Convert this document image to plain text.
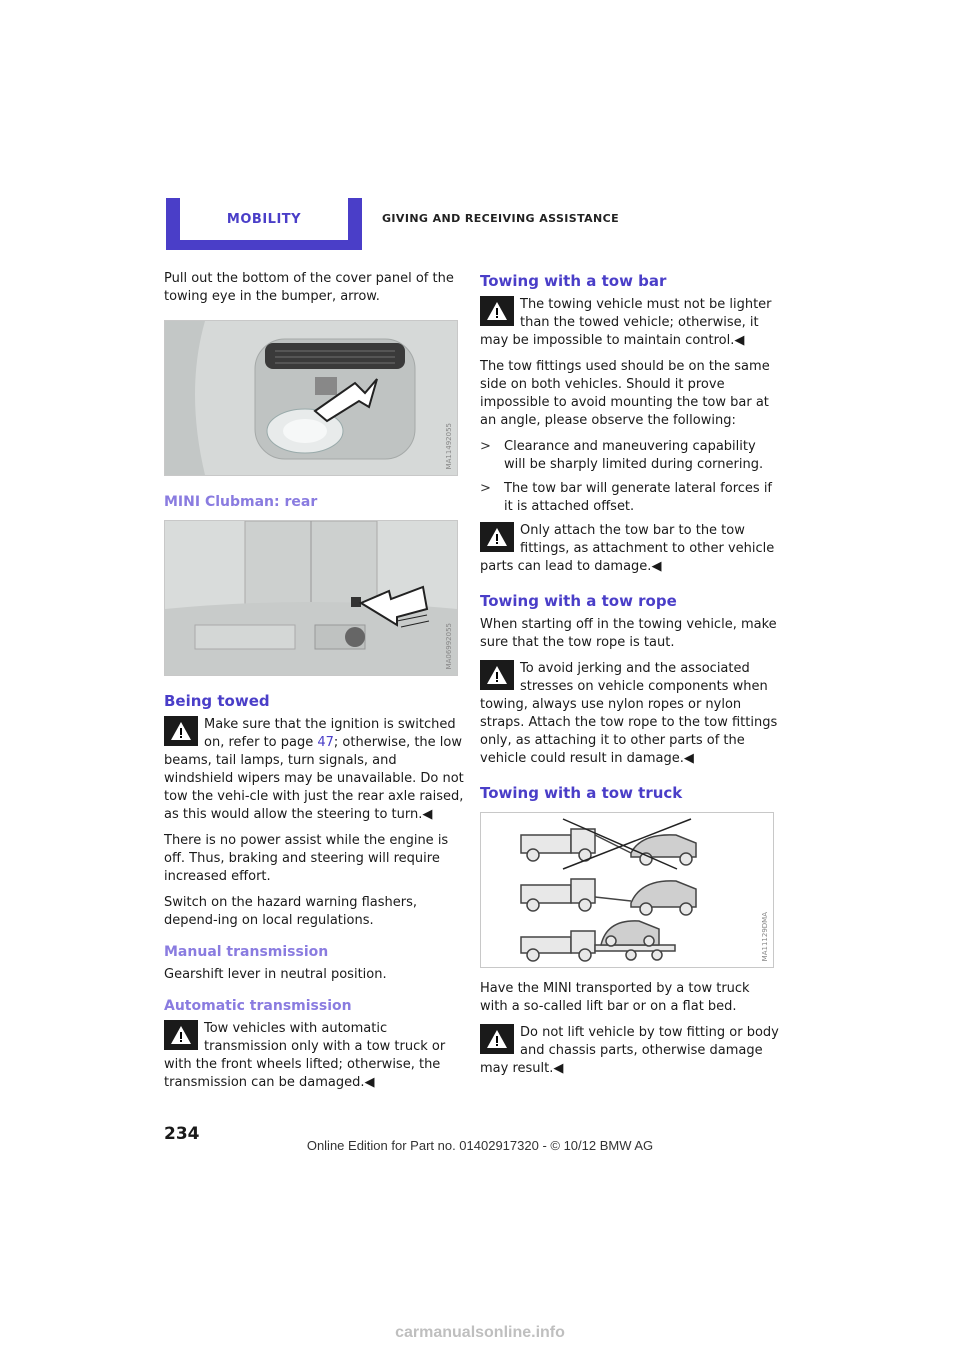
MOBILITY	GIVING AND RECEIVING ASSISTANCE

Pull out the bottom of the cover panel of the towing eye in the bumper, arrow.

MA11492055
MINI Clubman: rear
MA06992055
Being towed
Make sure that the ignition is switched on, refer to page 47; otherwise, the low beams, tail lamps, turn signals, and windshield wipers may be unavailable. Do not tow the vehi-cle with just the rear axle raised, as this would allow the steering to turn.◀

There is no power assist while the engine is off. Thus, braking and steering will require increased effort.

Switch on the hazard warning flashers, depend-ing on local regulations.

Manual transmission

Gearshift lever in neutral position.

Automatic transmission
Tow vehicles with automatic transmission only with a tow truck or with the front wheels lifted; otherwise, the transmission can be damaged.◀
Towing with a tow bar
The towing vehicle must not be lighter than the towed vehicle; otherwise, it may be impossible to maintain control.◀

The tow fittings used should be on the same side on both vehicles. Should it prove impossible to avoid mounting the tow bar at an angle, please observe the following:

>	Clearance and maneuvering capability will be sharply limited during cornering.
>	The tow bar will generate lateral forces if it is attached offset.
Only attach the tow bar to the tow fittings, as attachment to other vehicle parts can lead to damage.◀
Towing with a tow rope

When starting off in the towing vehicle, make sure that the tow rope is taut.

To avoid jerking and the associated stresses on vehicle components when towing, always use nylon ropes or nylon straps. Attach the tow rope to the tow fittings only, as attaching it to other parts of the vehicle could result in damage.◀
Towing with a tow truck
MA11129DMA

Have the MINI transported by a tow truck with a so-called lift bar or on a flat bed.

Do not lift vehicle by tow fitting or body and chassis parts, otherwise damage may result.◀
234
Online Edition for Part no. 01402917320 - © 10/12 BMW AG
carmanualsonline.info
